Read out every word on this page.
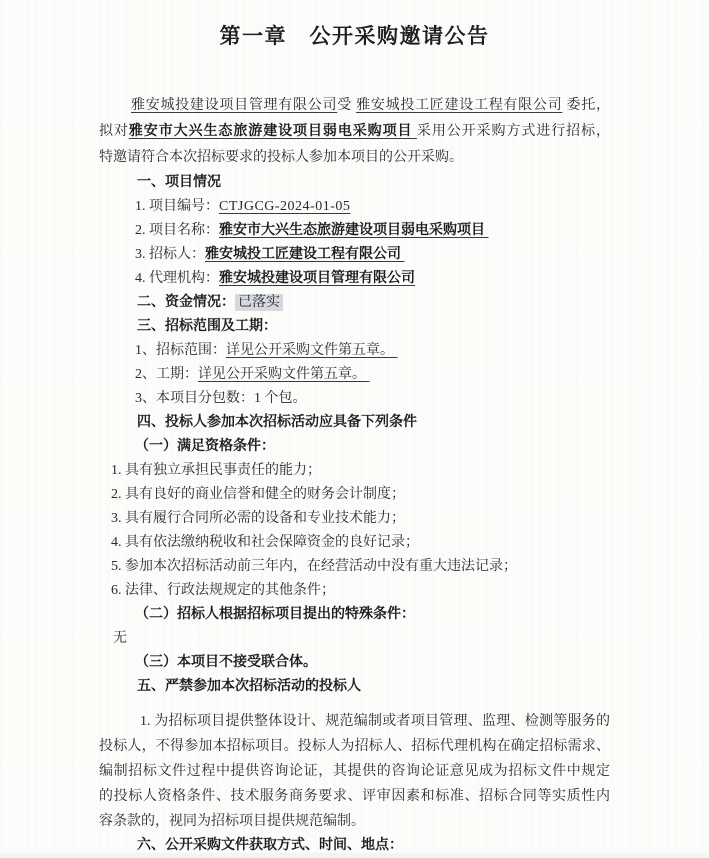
第一章　公开采购邀请公告
雅安城投建设项目管理有限公司受 雅安城投工匠建设工程有限公司 委托，
拟对雅安市大兴生态旅游建设项目弱电采购项目 采用公开采购方式进行招标，
特邀请符合本次招标要求的投标人参加本项目的公开采购。
一、项目情况
1. 项目编号：CTJGCG-2024-01-05
2. 项目名称：雅安市大兴生态旅游建设项目弱电采购项目
3. 招标人：雅安城投工匠建设工程有限公司
4. 代理机构：雅安城投建设项目管理有限公司
二、资金情况： 已落实
三、招标范围及工期：
1、招标范围：详见公开采购文件第五章。
2、工期：详见公开采购文件第五章。
3、本项目分包数：1 个包。
四、投标人参加本次招标活动应具备下列条件
（一）满足资格条件：
1. 具有独立承担民事责任的能力；
2. 具有良好的商业信誉和健全的财务会计制度；
3. 具有履行合同所必需的设备和专业技术能力；
4. 具有依法缴纳税收和社会保障资金的良好记录；
5. 参加本次招标活动前三年内，在经营活动中没有重大违法记录；
6. 法律、行政法规规定的其他条件；
（二）招标人根据招标项目提出的特殊条件：
无
（三）本项目不接受联合体。
五、严禁参加本次招标活动的投标人
1. 为招标项目提供整体设计、规范编制或者项目管理、监理、检测等服务的
投标人，不得参加本招标项目。投标人为招标人、招标代理机构在确定招标需求、
编制招标文件过程中提供咨询论证，其提供的咨询论证意见成为招标文件中规定
的投标人资格条件、技术服务商务要求、评审因素和标准、招标合同等实质性内
容条款的，视同为招标项目提供规范编制。
六、公开采购文件获取方式、时间、地点：
